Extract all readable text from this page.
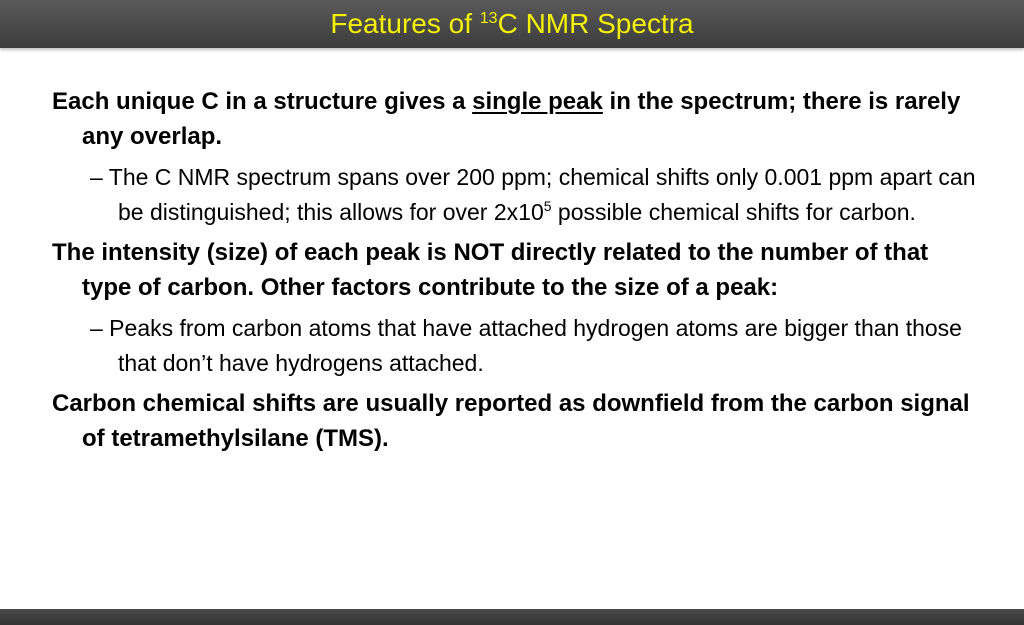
Features of $^{13}$C NMR Spectra

Each unique C in a structure gives a single peak in the spectrum; there is rarely any overlap.

– The C NMR spectrum spans over 200 ppm; chemical shifts only 0.001 ppm apart can be distinguished; this allows for over $2x10^5$ possible chemical shifts for carbon.

The intensity (size) of each peak is NOT directly related to the number of that type of carbon. Other factors contribute to the size of a peak:

– Peaks from carbon atoms that have attached hydrogen atoms are bigger than those that don’t have hydrogens attached.

Carbon chemical shifts are usually reported as downfield from the carbon signal of tetramethylsilane (TMS).
